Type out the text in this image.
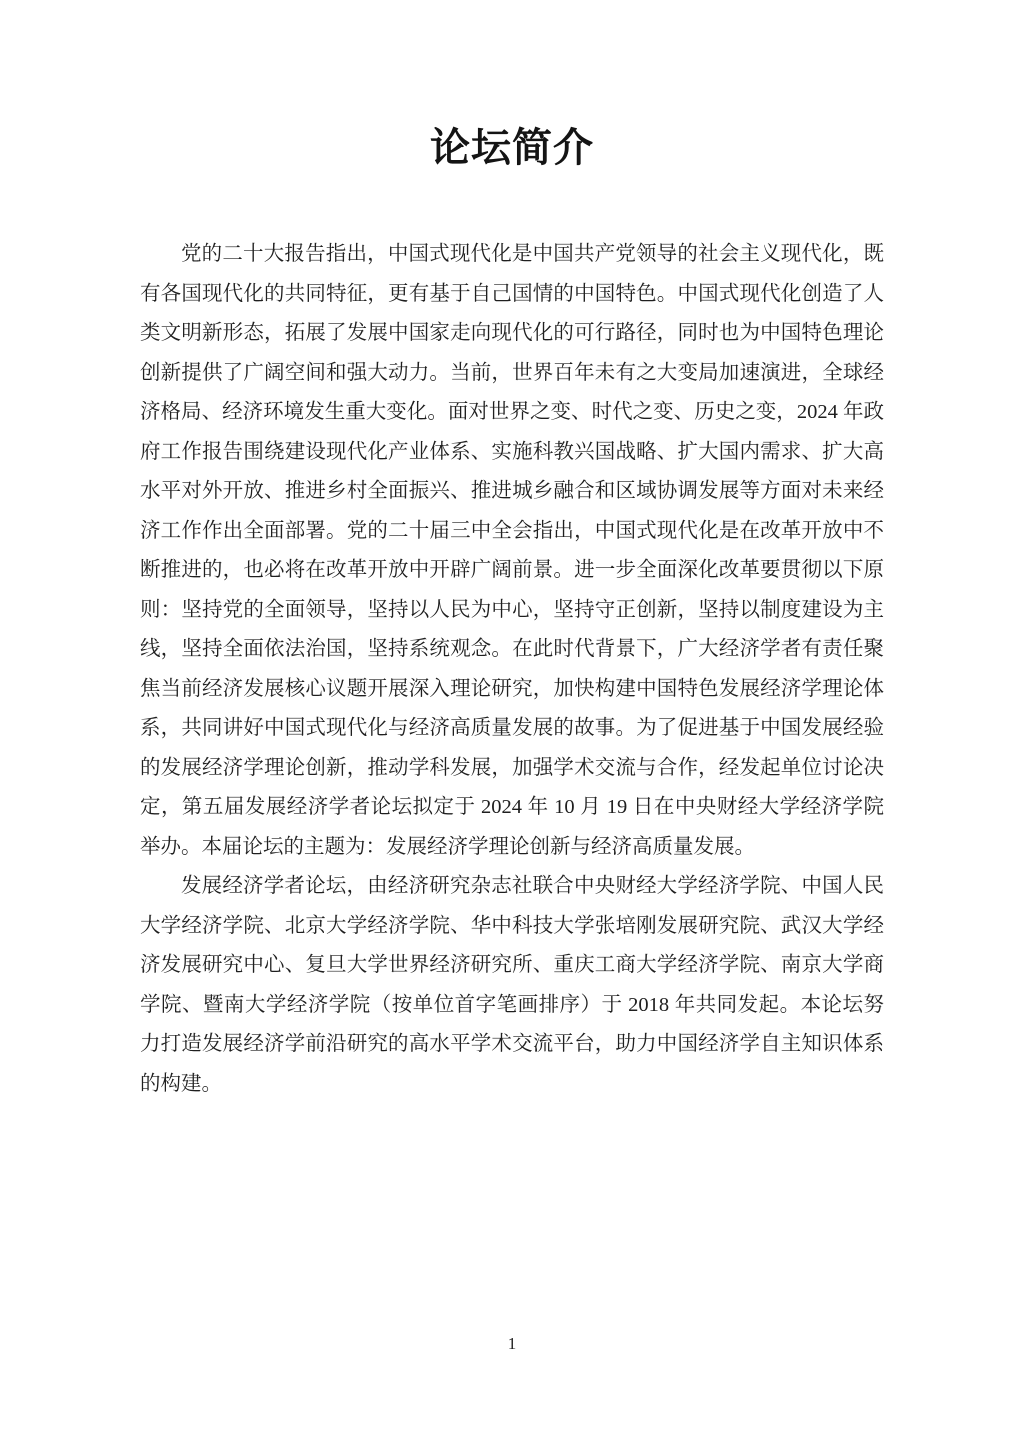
论坛简介

党的二十大报告指出，中国式现代化是中国共产党领导的社会主义现代化，既有各国现代化的共同特征，更有基于自己国情的中国特色。中国式现代化创造了人类文明新形态，拓展了发展中国家走向现代化的可行路径，同时也为中国特色理论创新提供了广阔空间和强大动力。当前，世界百年未有之大变局加速演进，全球经济格局、经济环境发生重大变化。面对世界之变、时代之变、历史之变，2024 年政府工作报告围绕建设现代化产业体系、实施科教兴国战略、扩大国内需求、扩大高水平对外开放、推进乡村全面振兴、推进城乡融合和区域协调发展等方面对未来经济工作作出全面部署。党的二十届三中全会指出，中国式现代化是在改革开放中不断推进的，也必将在改革开放中开辟广阔前景。进一步全面深化改革要贯彻以下原则：坚持党的全面领导，坚持以人民为中心，坚持守正创新，坚持以制度建设为主线，坚持全面依法治国，坚持系统观念。在此时代背景下，广大经济学者有责任聚焦当前经济发展核心议题开展深入理论研究，加快构建中国特色发展经济学理论体系，共同讲好中国式现代化与经济高质量发展的故事。为了促进基于中国发展经验的发展经济学理论创新，推动学科发展，加强学术交流与合作，经发起单位讨论决定，第五届发展经济学者论坛拟定于 2024 年 10 月 19 日在中央财经大学经济学院举办。本届论坛的主题为：发展经济学理论创新与经济高质量发展。

发展经济学者论坛，由经济研究杂志社联合中央财经大学经济学院、中国人民大学经济学院、北京大学经济学院、华中科技大学张培刚发展研究院、武汉大学经济发展研究中心、复旦大学世界经济研究所、重庆工商大学经济学院、南京大学商学院、暨南大学经济学院（按单位首字笔画排序）于 2018 年共同发起。本论坛努力打造发展经济学前沿研究的高水平学术交流平台，助力中国经济学自主知识体系的构建。

1
